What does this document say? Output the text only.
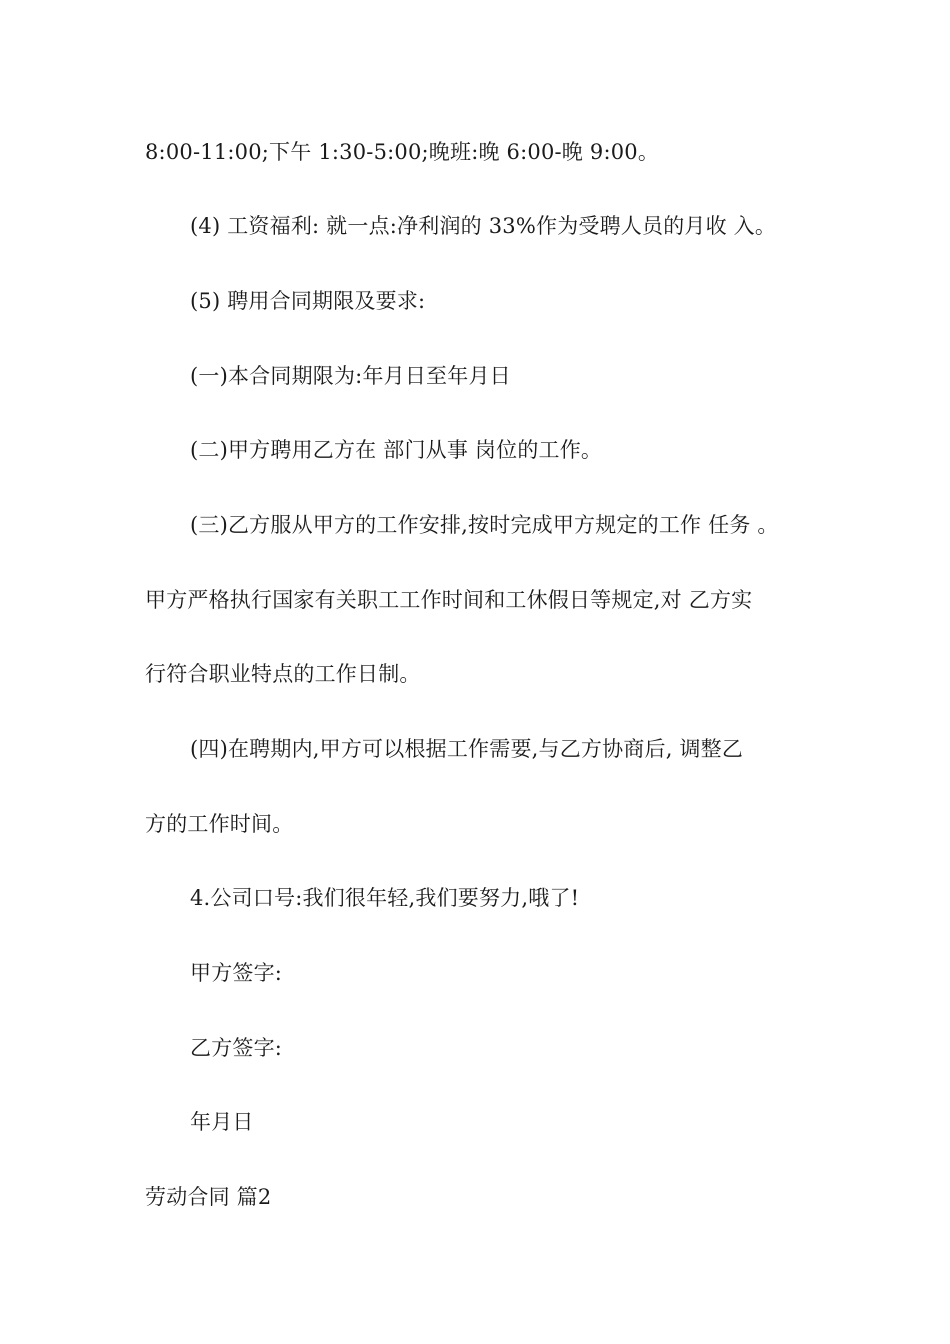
8:00-11:00;下午 1:30-5:00;晚班:晚 6:00-晚 9:00。
(4) 工资福利: 就一点:净利润的 33%作为受聘人员的月收 入。
(5) 聘用合同期限及要求:
(一)本合同期限为:年月日至年月日
(二)甲方聘用乙方在 部门从事 岗位的工作。
(三)乙方服从甲方的工作安排,按时完成甲方规定的工作 任务 。
甲方严格执行国家有关职工工作时间和工休假日等规定,对 乙方实
行符合职业特点的工作日制。
(四)在聘期内,甲方可以根据工作需要,与乙方协商后, 调整乙
方的工作时间。
4.公司口号:我们很年轻,我们要努力,哦了!
甲方签字:
乙方签字:
年月日
劳动合同 篇2
